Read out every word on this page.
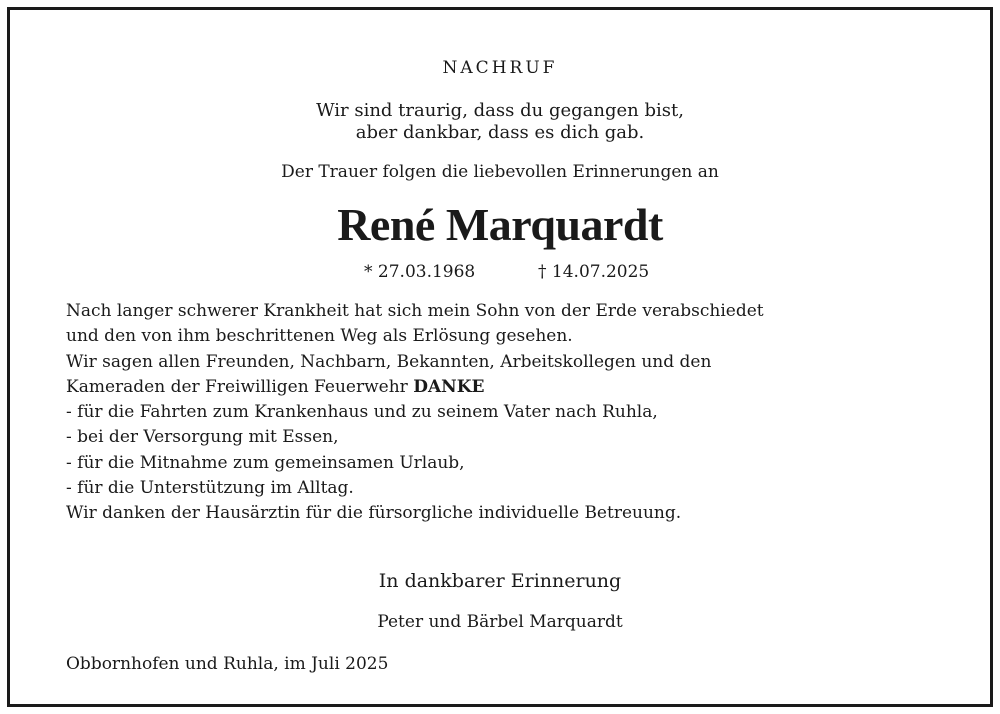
NACHRUF
Wir sind traurig, dass du gegangen bist,
aber dankbar, dass es dich gab.
Der Trauer folgen die liebevollen Erinnerungen an
René Marquardt
* 27.03.1968	† 14.07.2025
Nach langer schwerer Krankheit hat sich mein Sohn von der Erde verabschiedet
und den von ihm beschrittenen Weg als Erlösung gesehen.
Wir sagen allen Freunden, Nachbarn, Bekannten, Arbeitskollegen und den
Kameraden der Freiwilligen Feuerwehr DANKE
- für die Fahrten zum Krankenhaus und zu seinem Vater nach Ruhla,
- bei der Versorgung mit Essen,
- für die Mitnahme zum gemeinsamen Urlaub,
- für die Unterstützung im Alltag.
Wir danken der Hausärztin für die fürsorgliche individuelle Betreuung.
In dankbarer Erinnerung
Peter und Bärbel Marquardt
Obbornhofen und Ruhla, im Juli 2025
